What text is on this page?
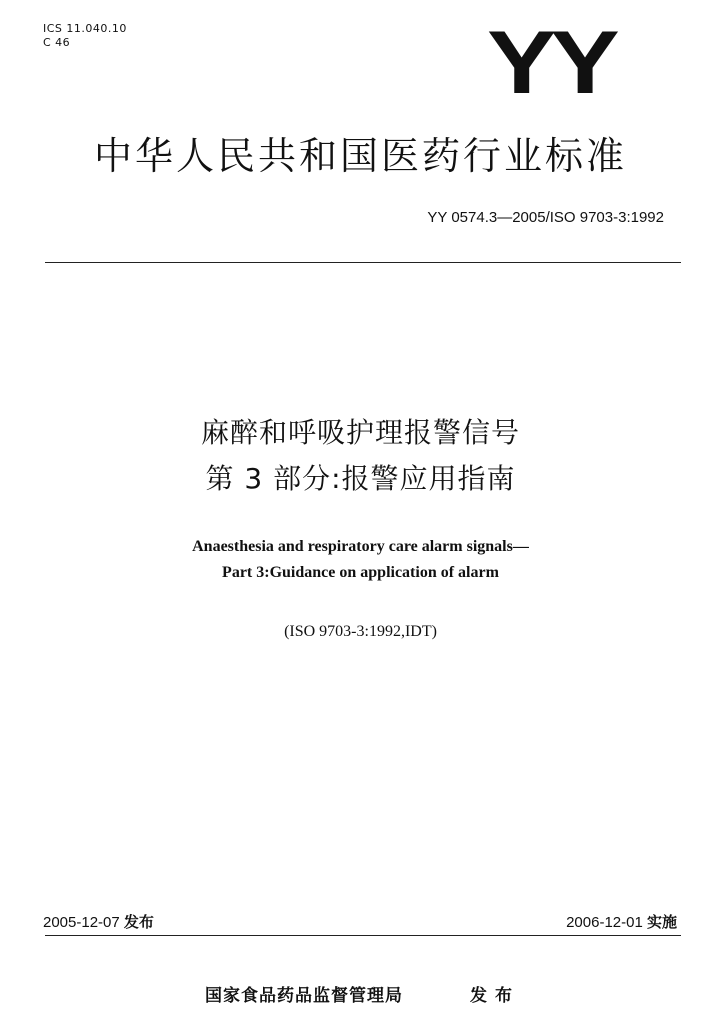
ICS 11.040.10
C 46	YY
中华人民共和国医药行业标准
YY 0574.3—2005/ISO 9703-3:1992
麻醉和呼吸护理报警信号
第 3 部分:报警应用指南
Anaesthesia and respiratory care alarm signals—
Part 3:Guidance on application of alarm
(ISO 9703-3:1992,IDT)
2005-12-07 发布	2006-12-01 实施
国家食品药品监督管理局	发布
